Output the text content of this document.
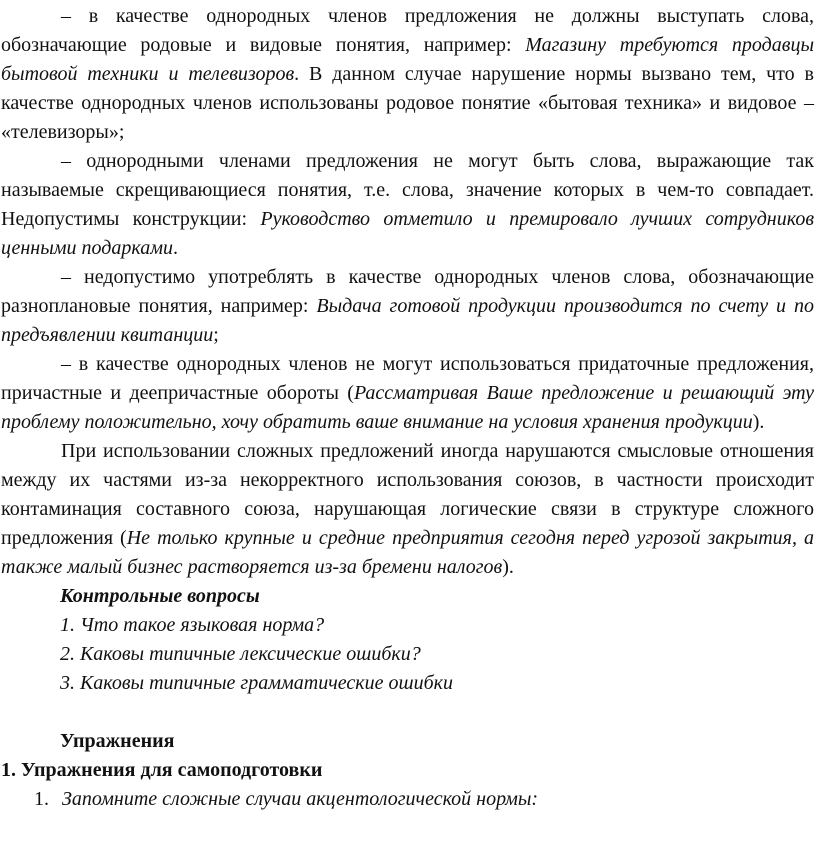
– в качестве однородных членов предложения не должны выступать слова, обозначающие родовые и видовые понятия, например: Магазину требуются продавцы бытовой техники и телевизоров. В данном случае нарушение нормы вызвано тем, что в качестве однородных членов использованы родовое понятие «бытовая техника» и видовое – «телевизоры»;

– однородными членами предложения не могут быть слова, выражающие так называемые скрещивающиеся понятия, т.е. слова, значение которых в чем-то совпадает. Недопустимы конструкции: Руководство отметило и премировало лучших сотрудников ценными подарками.

– недопустимо употреблять в качестве однородных членов слова, обозначающие разноплановые понятия, например: Выдача готовой продукции производится по счету и по предъявлении квитанции;

– в качестве однородных членов не могут использоваться придаточные предложения, причастные и деепричастные обороты (Рассматривая Ваше предложение и решающий эту проблему положительно, хочу обратить ваше внимание на условия хранения продукции).

При использовании сложных предложений иногда нарушаются смысловые отношения между их частями из-за некорректного использования союзов, в частности происходит контаминация составного союза, нарушающая логические связи в структуре сложного предложения (Не только крупные и средние предприятия сегодня перед угрозой закрытия, а также малый бизнес растворяется из-за бремени налогов).

Контрольные вопросы

1. Что такое языковая норма?

2. Каковы типичные лексические ошибки?

3. Каковы типичные грамматические ошибки

Упражнения

1. Упражнения для самоподготовки

1. Запомните сложные случаи акцентологической нормы:
